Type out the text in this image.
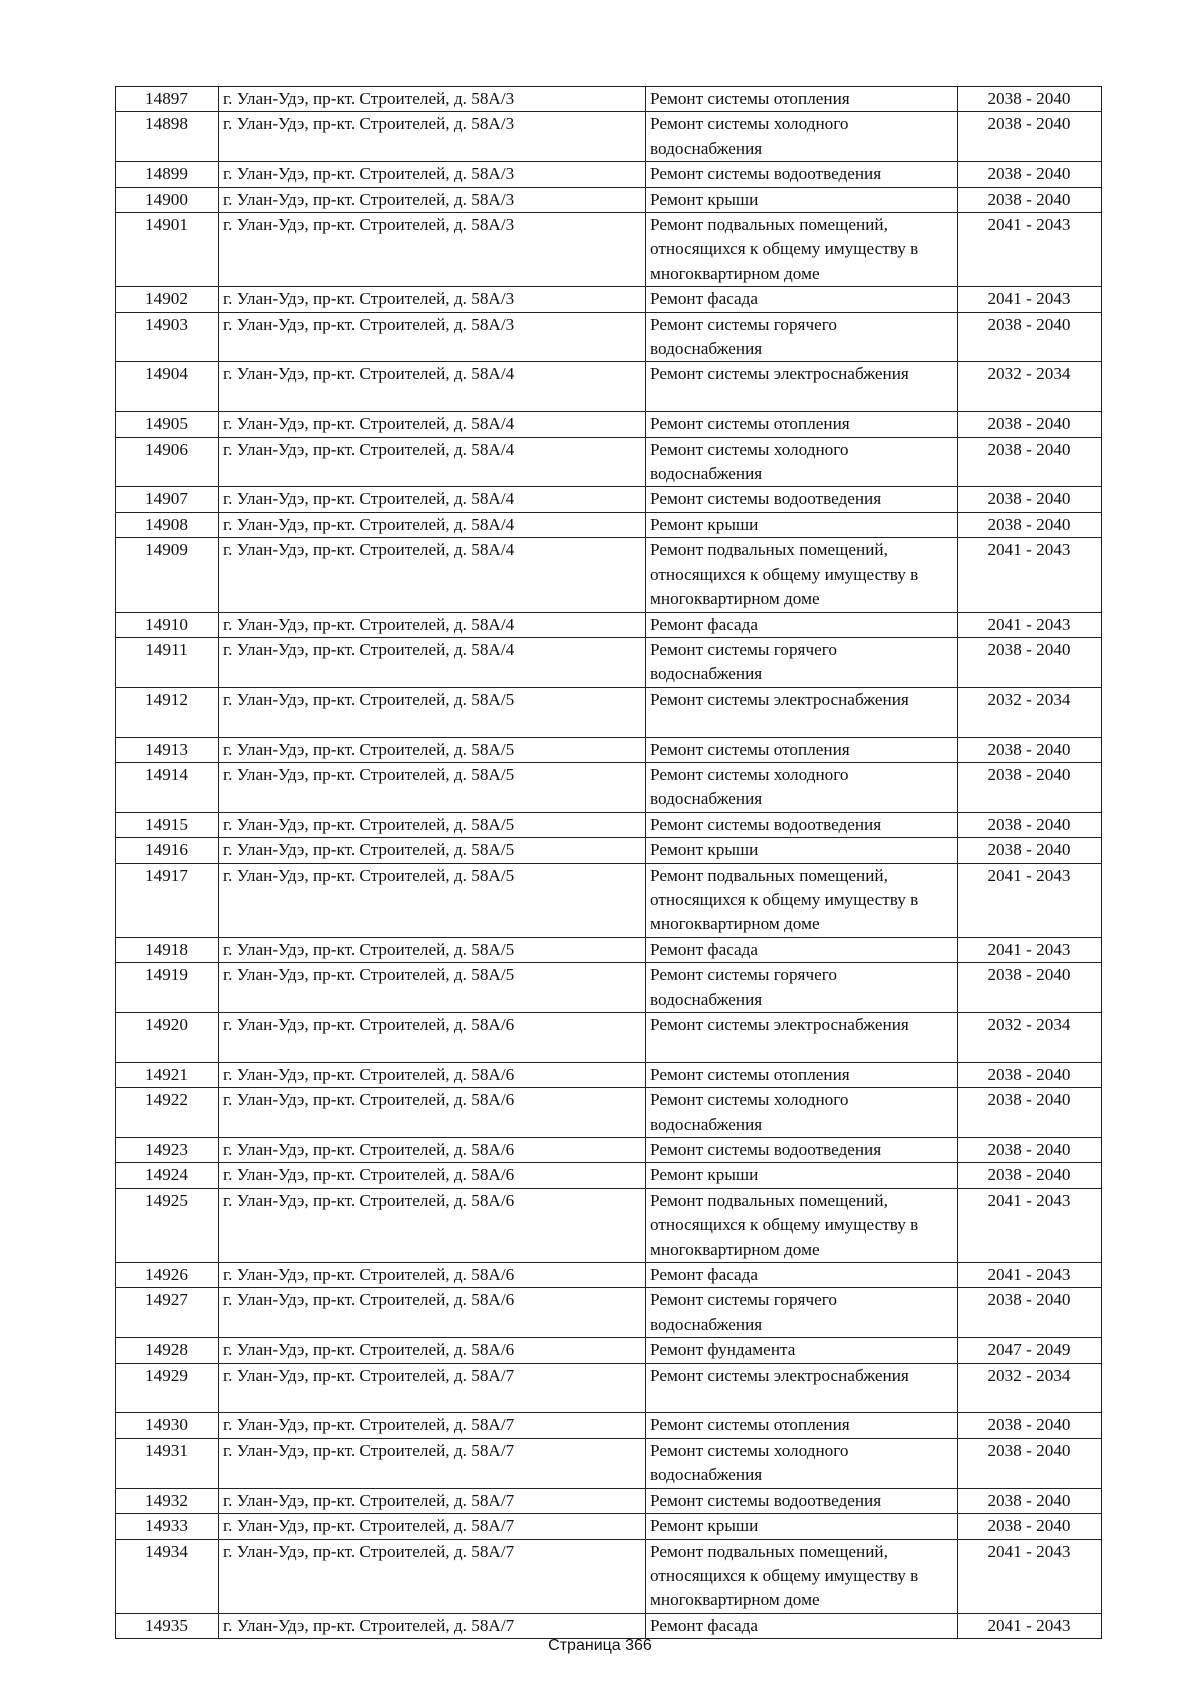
14897	г. Улан-Удэ, пр-кт. Строителей, д. 58А/3	Ремонт системы отопления	2038 - 2040
14898	г. Улан-Удэ, пр-кт. Строителей, д. 58А/3	Ремонт системы холодного водоснабжения	2038 - 2040
14899	г. Улан-Удэ, пр-кт. Строителей, д. 58А/3	Ремонт системы водоотведения	2038 - 2040
14900	г. Улан-Удэ, пр-кт. Строителей, д. 58А/3	Ремонт крыши	2038 - 2040
14901	г. Улан-Удэ, пр-кт. Строителей, д. 58А/3	Ремонт подвальных помещений, относящихся к общему имуществу в многоквартирном доме	2041 - 2043
14902	г. Улан-Удэ, пр-кт. Строителей, д. 58А/3	Ремонт фасада	2041 - 2043
14903	г. Улан-Удэ, пр-кт. Строителей, д. 58А/3	Ремонт системы горячего водоснабжения	2038 - 2040
14904	г. Улан-Удэ, пр-кт. Строителей, д. 58А/4	Ремонт системы электроснабжения	2032 - 2034
14905	г. Улан-Удэ, пр-кт. Строителей, д. 58А/4	Ремонт системы отопления	2038 - 2040
14906	г. Улан-Удэ, пр-кт. Строителей, д. 58А/4	Ремонт системы холодного водоснабжения	2038 - 2040
14907	г. Улан-Удэ, пр-кт. Строителей, д. 58А/4	Ремонт системы водоотведения	2038 - 2040
14908	г. Улан-Удэ, пр-кт. Строителей, д. 58А/4	Ремонт крыши	2038 - 2040
14909	г. Улан-Удэ, пр-кт. Строителей, д. 58А/4	Ремонт подвальных помещений, относящихся к общему имуществу в многоквартирном доме	2041 - 2043
14910	г. Улан-Удэ, пр-кт. Строителей, д. 58А/4	Ремонт фасада	2041 - 2043
14911	г. Улан-Удэ, пр-кт. Строителей, д. 58А/4	Ремонт системы горячего водоснабжения	2038 - 2040
14912	г. Улан-Удэ, пр-кт. Строителей, д. 58А/5	Ремонт системы электроснабжения	2032 - 2034
14913	г. Улан-Удэ, пр-кт. Строителей, д. 58А/5	Ремонт системы отопления	2038 - 2040
14914	г. Улан-Удэ, пр-кт. Строителей, д. 58А/5	Ремонт системы холодного водоснабжения	2038 - 2040
14915	г. Улан-Удэ, пр-кт. Строителей, д. 58А/5	Ремонт системы водоотведения	2038 - 2040
14916	г. Улан-Удэ, пр-кт. Строителей, д. 58А/5	Ремонт крыши	2038 - 2040
14917	г. Улан-Удэ, пр-кт. Строителей, д. 58А/5	Ремонт подвальных помещений, относящихся к общему имуществу в многоквартирном доме	2041 - 2043
14918	г. Улан-Удэ, пр-кт. Строителей, д. 58А/5	Ремонт фасада	2041 - 2043
14919	г. Улан-Удэ, пр-кт. Строителей, д. 58А/5	Ремонт системы горячего водоснабжения	2038 - 2040
14920	г. Улан-Удэ, пр-кт. Строителей, д. 58А/6	Ремонт системы электроснабжения	2032 - 2034
14921	г. Улан-Удэ, пр-кт. Строителей, д. 58А/6	Ремонт системы отопления	2038 - 2040
14922	г. Улан-Удэ, пр-кт. Строителей, д. 58А/6	Ремонт системы холодного водоснабжения	2038 - 2040
14923	г. Улан-Удэ, пр-кт. Строителей, д. 58А/6	Ремонт системы водоотведения	2038 - 2040
14924	г. Улан-Удэ, пр-кт. Строителей, д. 58А/6	Ремонт крыши	2038 - 2040
14925	г. Улан-Удэ, пр-кт. Строителей, д. 58А/6	Ремонт подвальных помещений, относящихся к общему имуществу в многоквартирном доме	2041 - 2043
14926	г. Улан-Удэ, пр-кт. Строителей, д. 58А/6	Ремонт фасада	2041 - 2043
14927	г. Улан-Удэ, пр-кт. Строителей, д. 58А/6	Ремонт системы горячего водоснабжения	2038 - 2040
14928	г. Улан-Удэ, пр-кт. Строителей, д. 58А/6	Ремонт фундамента	2047 - 2049
14929	г. Улан-Удэ, пр-кт. Строителей, д. 58А/7	Ремонт системы электроснабжения	2032 - 2034
14930	г. Улан-Удэ, пр-кт. Строителей, д. 58А/7	Ремонт системы отопления	2038 - 2040
14931	г. Улан-Удэ, пр-кт. Строителей, д. 58А/7	Ремонт системы холодного водоснабжения	2038 - 2040
14932	г. Улан-Удэ, пр-кт. Строителей, д. 58А/7	Ремонт системы водоотведения	2038 - 2040
14933	г. Улан-Удэ, пр-кт. Строителей, д. 58А/7	Ремонт крыши	2038 - 2040
14934	г. Улан-Удэ, пр-кт. Строителей, д. 58А/7	Ремонт подвальных помещений, относящихся к общему имуществу в многоквартирном доме	2041 - 2043
14935	г. Улан-Удэ, пр-кт. Строителей, д. 58А/7	Ремонт фасада	2041 - 2043
Страница 366
